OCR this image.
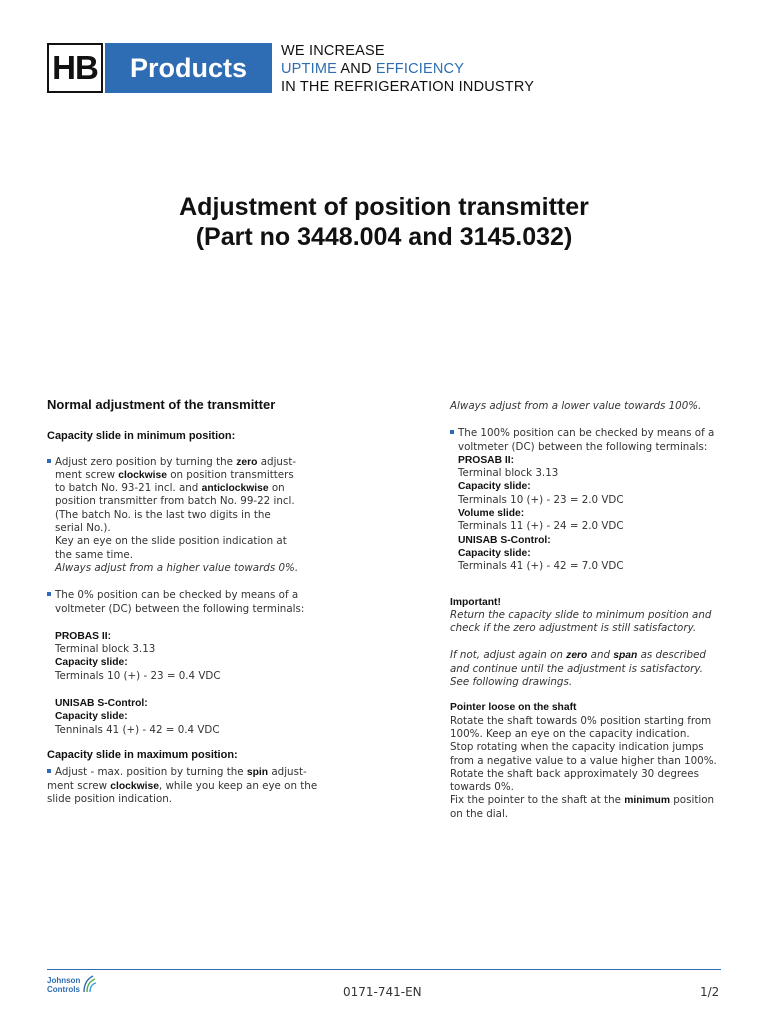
HB	Products
WE INCREASE
UPTIME AND EFFICIENCY
IN THE REFRIGERATION INDUSTRY
Adjustment of position transmitter
(Part no 3448.004 and 3145.032)
Normal adjustment of the transmitter
Capacity slide in minimum position:

Adjust zero position by turning the zero adjust-

ment screw clockwise on position transmitters

to batch No. 93-21 incl. and anticlockwise on

position transmitter from batch No. 99-22 incl.

(The batch No. is the last two digits in the

serial No.).

Key an eye on the slide position indication at

the same time.

Always adjust from a higher value towards 0%.

The 0% position can be checked by means of a

voltmeter (DC) between the following terminals:

PROBAS II:

Terminal block 3.13

Capacity slide:

Terminals 10 (+) - 23 = 0.4 VDC

UNISAB S-Control:

Capacity slide:

Tenninals 41 (+) - 42 = 0.4 VDC

Capacity slide in maximum position:

Adjust - max. position by turning the spin adjust-

ment screw clockwise, while you keep an eye on the

slide position indication.

Always adjust from a lower value towards 100%.

The 100% position can be checked by means of a

voltmeter (DC) between the following terminals:

PROSAB II:

Terminal block 3.13

Capacity slide:

Terminals 10 (+) - 23 = 2.0 VDC

Volume slide:

Terminals 11 (+) - 24 = 2.0 VDC

UNISAB S-Control:

Capacity slide:

Terminals 41 (+) - 42 = 7.0 VDC

Important!

Return the capacity slide to minimum position and

check if the zero adjustment is still satisfactory.

If not, adjust again on zero and span as described

and continue until the adjustment is satisfactory.

See following drawings.

Pointer loose on the shaft

Rotate the shaft towards 0% position starting from

100%. Keep an eye on the capacity indication.

Stop rotating when the capacity indication jumps

from a negative value to a value higher than 100%.

Rotate the shaft back approximately 30 degrees

towards 0%.

Fix the pointer to the shaft at the minimum position

on the dial.

Johnson
Controls	0171-741-EN	1/2
